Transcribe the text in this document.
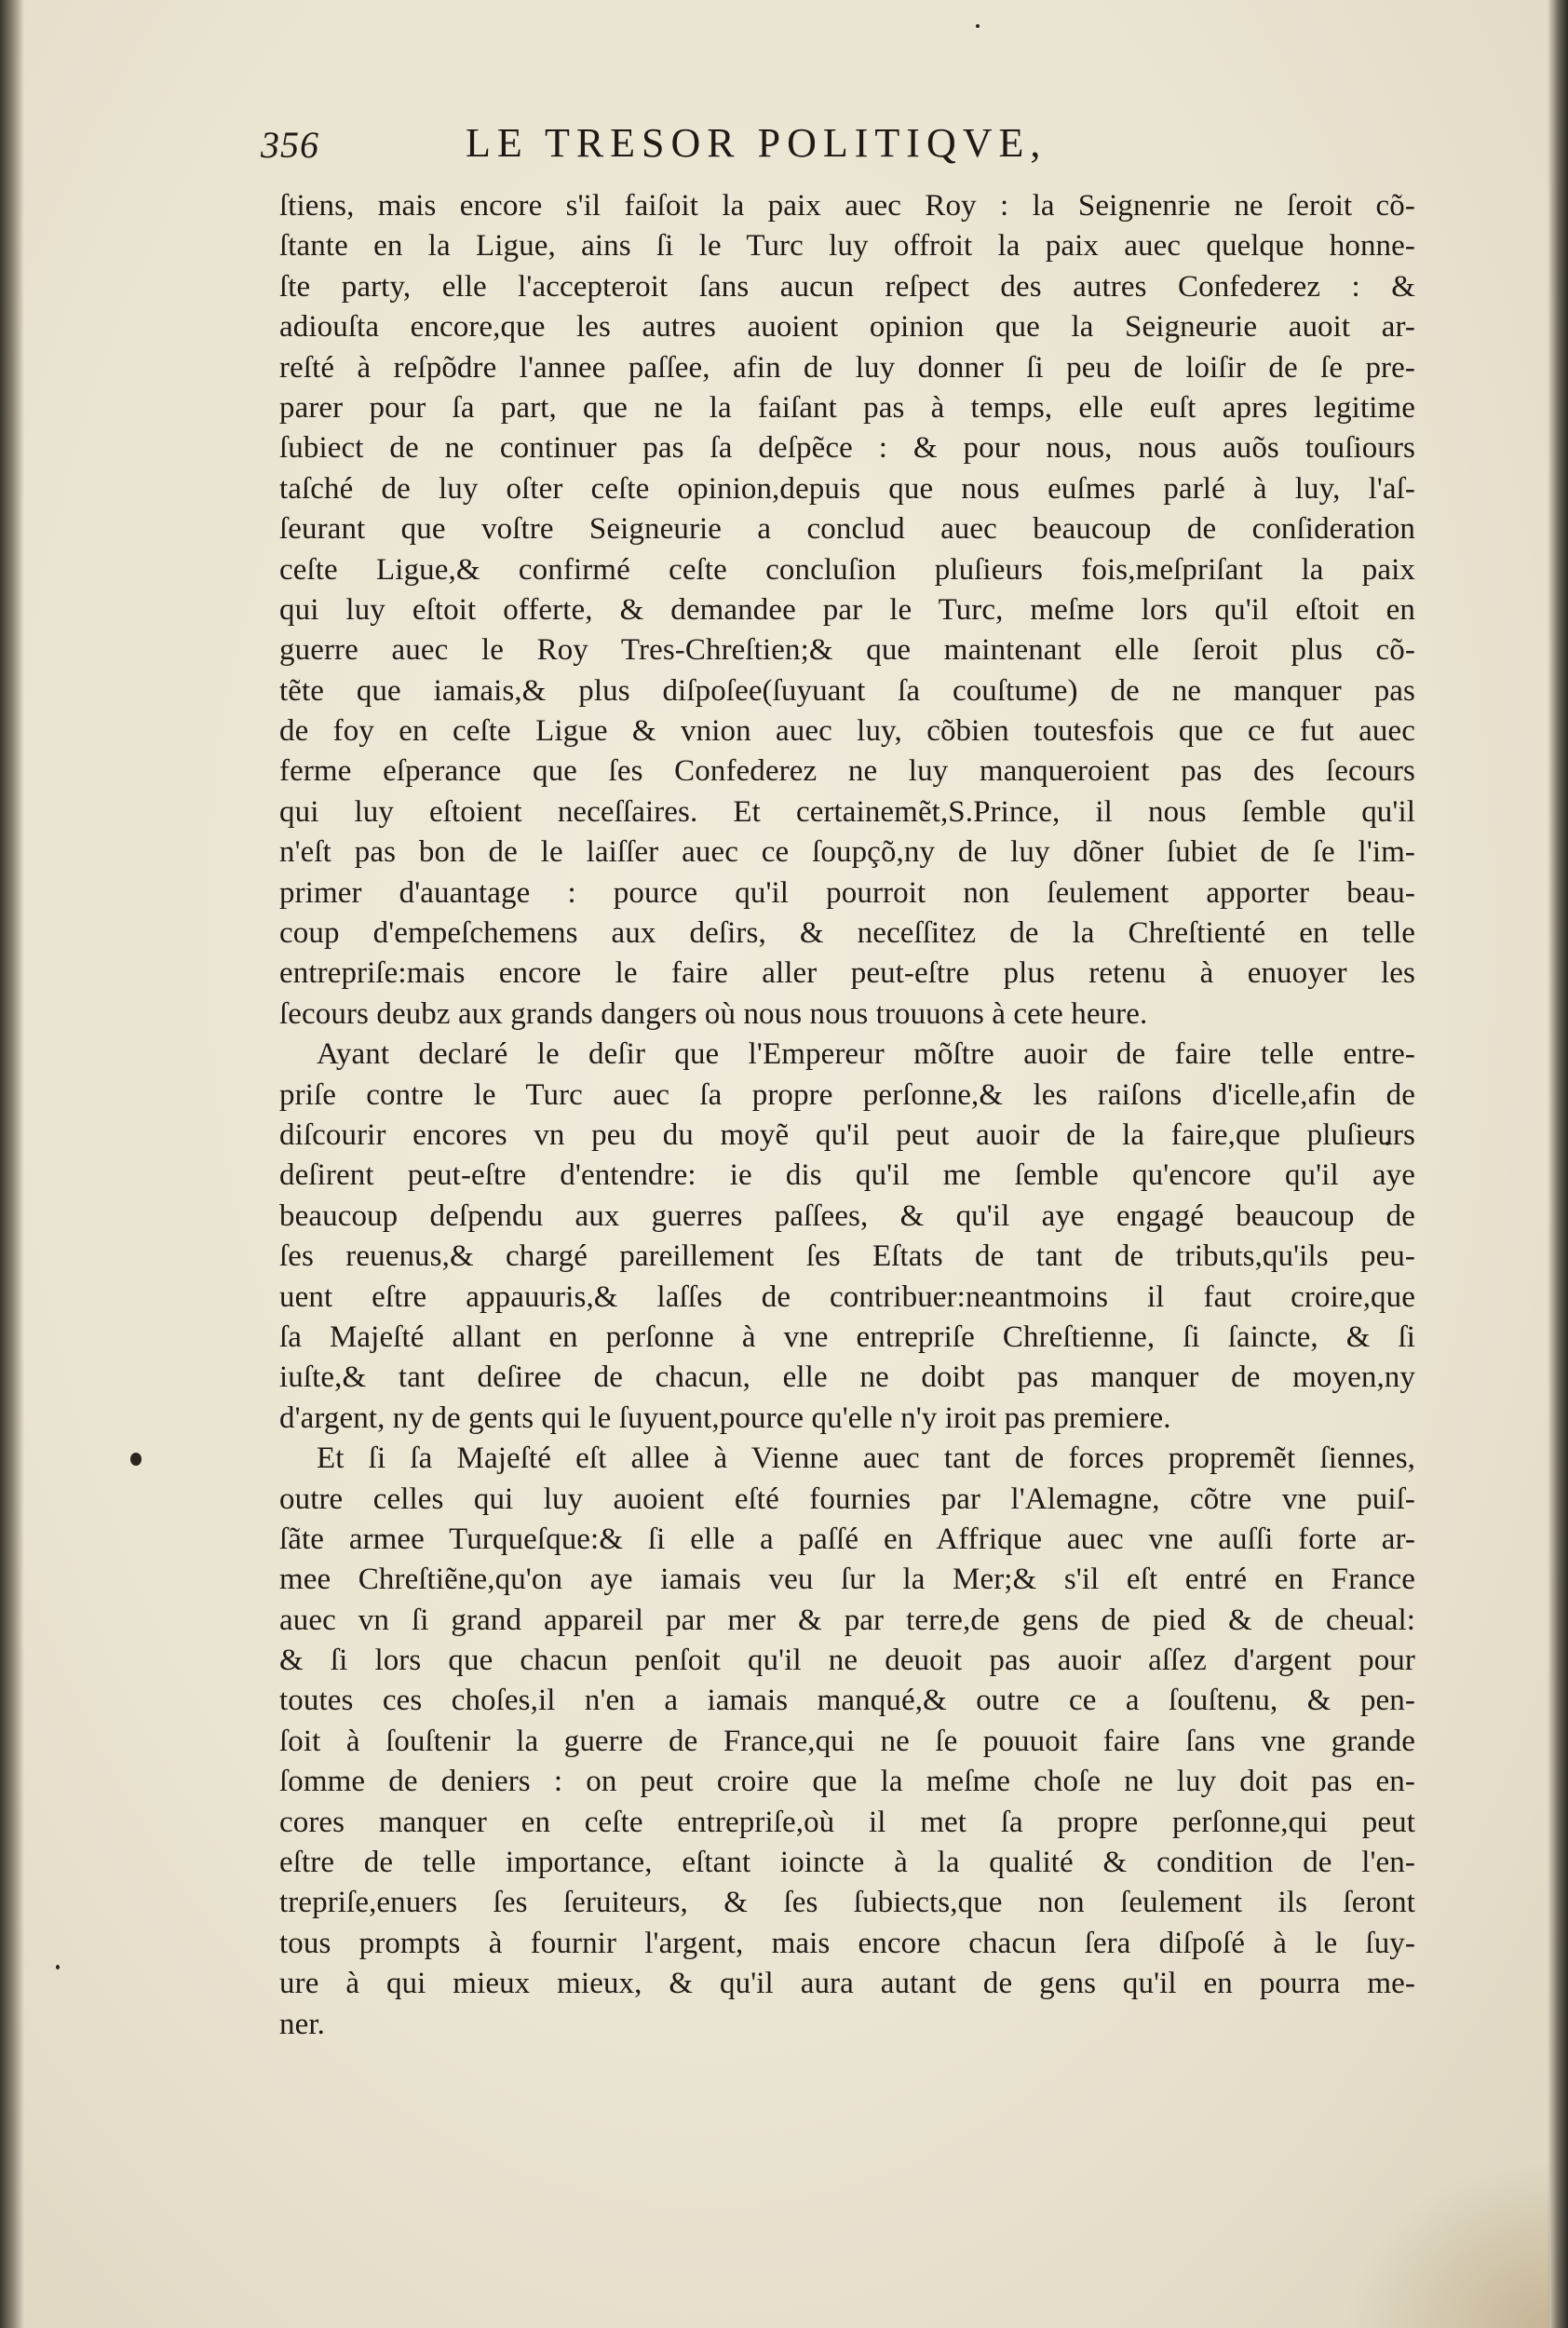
356	LE TRESOR POLITIQVE,
ſtiens, mais encore s'il faiſoit la paix auec Roy : la Seignenrie ne ſeroit cõ-
ſtante en la Ligue, ains ſi le Turc luy offroit la paix auec quelque honne-
ſte party, elle l'accepteroit ſans aucun reſpect des autres Confederez : &
adiouſta encore,que les autres auoient opinion que la Seigneurie auoit ar-
reſté à reſpõdre l'annee paſſee, afin de luy donner ſi peu de loiſir de ſe pre-
parer pour ſa part, que ne la faiſant pas à temps, elle euſt apres legitime
ſubiect de ne continuer pas ſa deſpẽce : & pour nous, nous auõs touſiours
taſché de luy oſter ceſte opinion,depuis que nous euſmes parlé à luy, l'aſ-
ſeurant que voſtre Seigneurie a conclud auec beaucoup de conſideration
ceſte Ligue,& confirmé ceſte concluſion pluſieurs fois,meſpriſant la paix
qui luy eſtoit offerte, & demandee par le Turc, meſme lors qu'il eſtoit en
guerre auec le Roy Tres-Chreſtien;& que maintenant elle ſeroit plus cõ-
tẽte que iamais,& plus diſpoſee(ſuyuant ſa couſtume) de ne manquer pas
de foy en ceſte Ligue & vnion auec luy, cõbien toutesfois que ce fut auec
ferme eſperance que ſes Confederez ne luy manqueroient pas des ſecours
qui luy eſtoient neceſſaires. Et certainemẽt,S.Prince, il nous ſemble qu'il
n'eſt pas bon de le laiſſer auec ce ſoupçõ,ny de luy dõner ſubiet de ſe l'im-
primer d'auantage : pource qu'il pourroit non ſeulement apporter beau-
coup d'empeſchemens aux deſirs, & neceſſitez de la Chreſtienté en telle
entrepriſe:mais encore le faire aller peut-eſtre plus retenu à enuoyer les
ſecours deubz aux grands dangers où nous nous trouuons à cete heure.
Ayant declaré le deſir que l'Empereur mõſtre auoir de faire telle entre-
priſe contre le Turc auec ſa propre perſonne,& les raiſons d'icelle,afin de
diſcourir encores vn peu du moyẽ qu'il peut auoir de la faire,que pluſieurs
deſirent peut-eſtre d'entendre: ie dis qu'il me ſemble qu'encore qu'il aye
beaucoup deſpendu aux guerres paſſees, & qu'il aye engagé beaucoup de
ſes reuenus,& chargé pareillement ſes Eſtats de tant de tributs,qu'ils peu-
uent eſtre appauuris,& laſſes de contribuer:neantmoins il faut croire,que
ſa Majeſté allant en perſonne à vne entrepriſe Chreſtienne, ſi ſaincte, & ſi
iuſte,& tant deſiree de chacun, elle ne doibt pas manquer de moyen,ny
d'argent, ny de gents qui le ſuyuent,pource qu'elle n'y iroit pas premiere.
Et ſi ſa Majeſté eſt allee à Vienne auec tant de forces propremẽt ſiennes,
outre celles qui luy auoient eſté fournies par l'Alemagne, cõtre vne puiſ-
ſãte armee Turqueſque:& ſi elle a paſſé en Affrique auec vne auſſi forte ar-
mee Chreſtiẽne,qu'on aye iamais veu ſur la Mer;& s'il eſt entré en France
auec vn ſi grand appareil par mer & par terre,de gens de pied & de cheual:
& ſi lors que chacun penſoit qu'il ne deuoit pas auoir aſſez d'argent pour
toutes ces choſes,il n'en a iamais manqué,& outre ce a ſouſtenu, & pen-
ſoit à ſouſtenir la guerre de France,qui ne ſe pouuoit faire ſans vne grande
ſomme de deniers : on peut croire que la meſme choſe ne luy doit pas en-
cores manquer en ceſte entrepriſe,où il met ſa propre perſonne,qui peut
eſtre de telle importance, eſtant ioincte à la qualité & condition de l'en-
trepriſe,enuers ſes ſeruiteurs, & ſes ſubiects,que non ſeulement ils ſeront
tous prompts à fournir l'argent, mais encore chacun ſera diſpoſé à le ſuy-
ure à qui mieux mieux, & qu'il aura autant de gens qu'il en pourra me-
ner.
